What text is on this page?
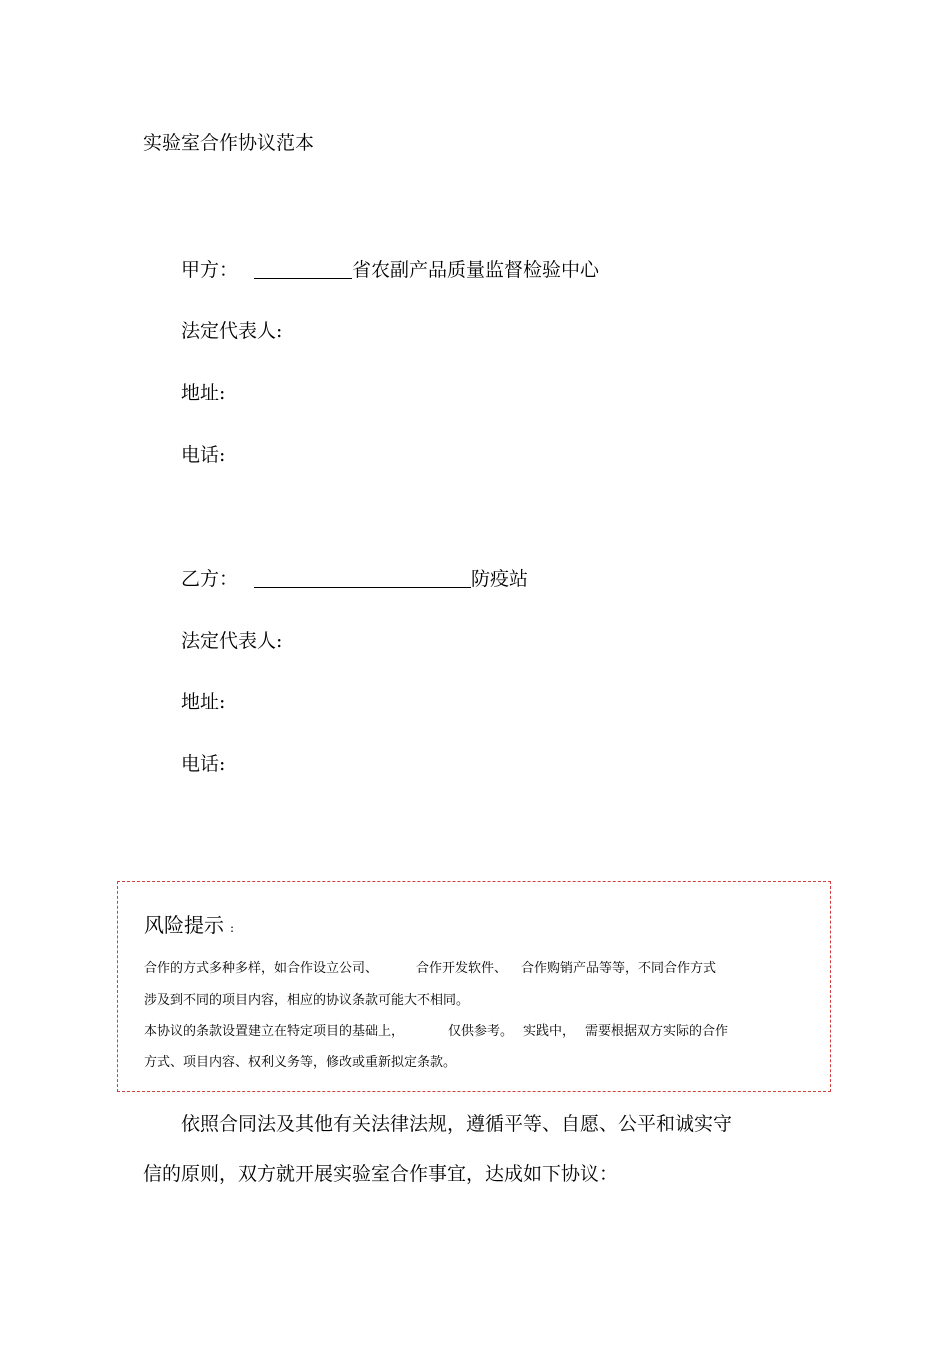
实验室合作协议范本
甲方：	省农副产品质量监督检验中心
法定代表人:
地址:
电话:
乙方：	防疫站
法定代表人:
地址:
电话:
风险提示 :
合作的方式多种多样，如合作设立公司、	合作开发软件、 合作购销产品等等，不同合作方式
涉及到不同的项目内容，相应的协议条款可能大不相同。
本协议的条款设置建立在特定项目的基础上，	仅供参考。 实践中， 需要根据双方实际的合作
方式、项目内容、权利义务等，修改或重新拟定条款。
依照合同法及其他有关法律法规，遵循平等、自愿、公平和诚实守
信的原则，双方就开展实验室合作事宜，达成如下协议：
